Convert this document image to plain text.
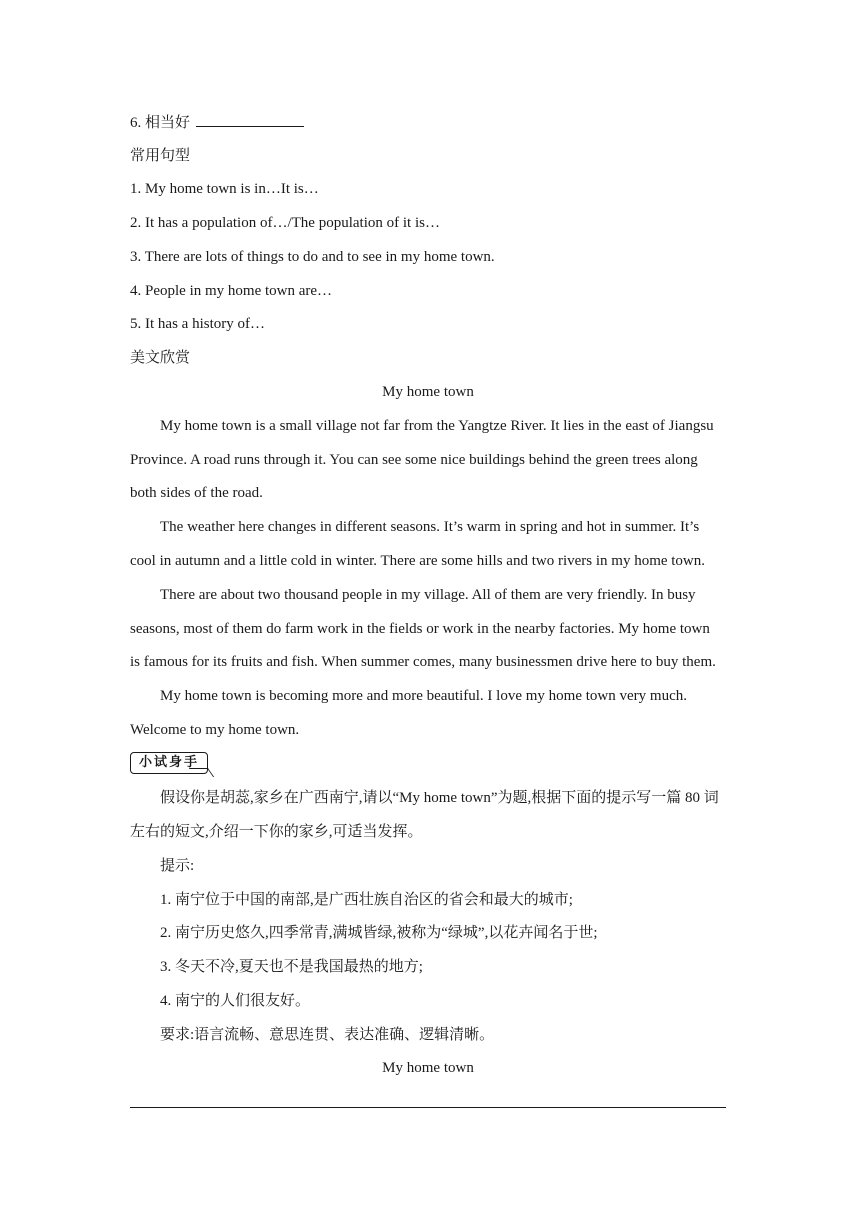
6. 相当好
常用句型
1. My home town is in…It is…
2. It has a population of…/The population of it is…
3. There are lots of things to do and to see in my home town.
4. People in my home town are…
5. It has a history of…
美文欣赏
My home town
My home town is a small village not far from the Yangtze River. It lies in the east of Jiangsu
Province. A road runs through it. You can see some nice buildings behind the green trees along
both sides of the road.
The weather here changes in different seasons. It’s warm in spring and hot in summer. It’s
cool in autumn and a little cold in winter. There are some hills and two rivers in my home town.
There are about two thousand people in my village. All of them are very friendly. In busy
seasons, most of them do farm work in the fields or work in the nearby factories. My home town
is famous for its fruits and fish. When summer comes, many businessmen drive here to buy them.
My home town is becoming more and more beautiful. I love my home town very much.
Welcome to my home town.
小试身手
假设你是胡蕊,家乡在广西南宁,请以“My home town”为题,根据下面的提示写一篇 80 词
左右的短文,介绍一下你的家乡,可适当发挥。
提示:
1. 南宁位于中国的南部,是广西壮族自治区的省会和最大的城市;
2. 南宁历史悠久,四季常青,满城皆绿,被称为“绿城”,以花卉闻名于世;
3. 冬天不冷,夏天也不是我国最热的地方;
4. 南宁的人们很友好。
要求:语言流畅、意思连贯、表达准确、逻辑清晰。
My home town
